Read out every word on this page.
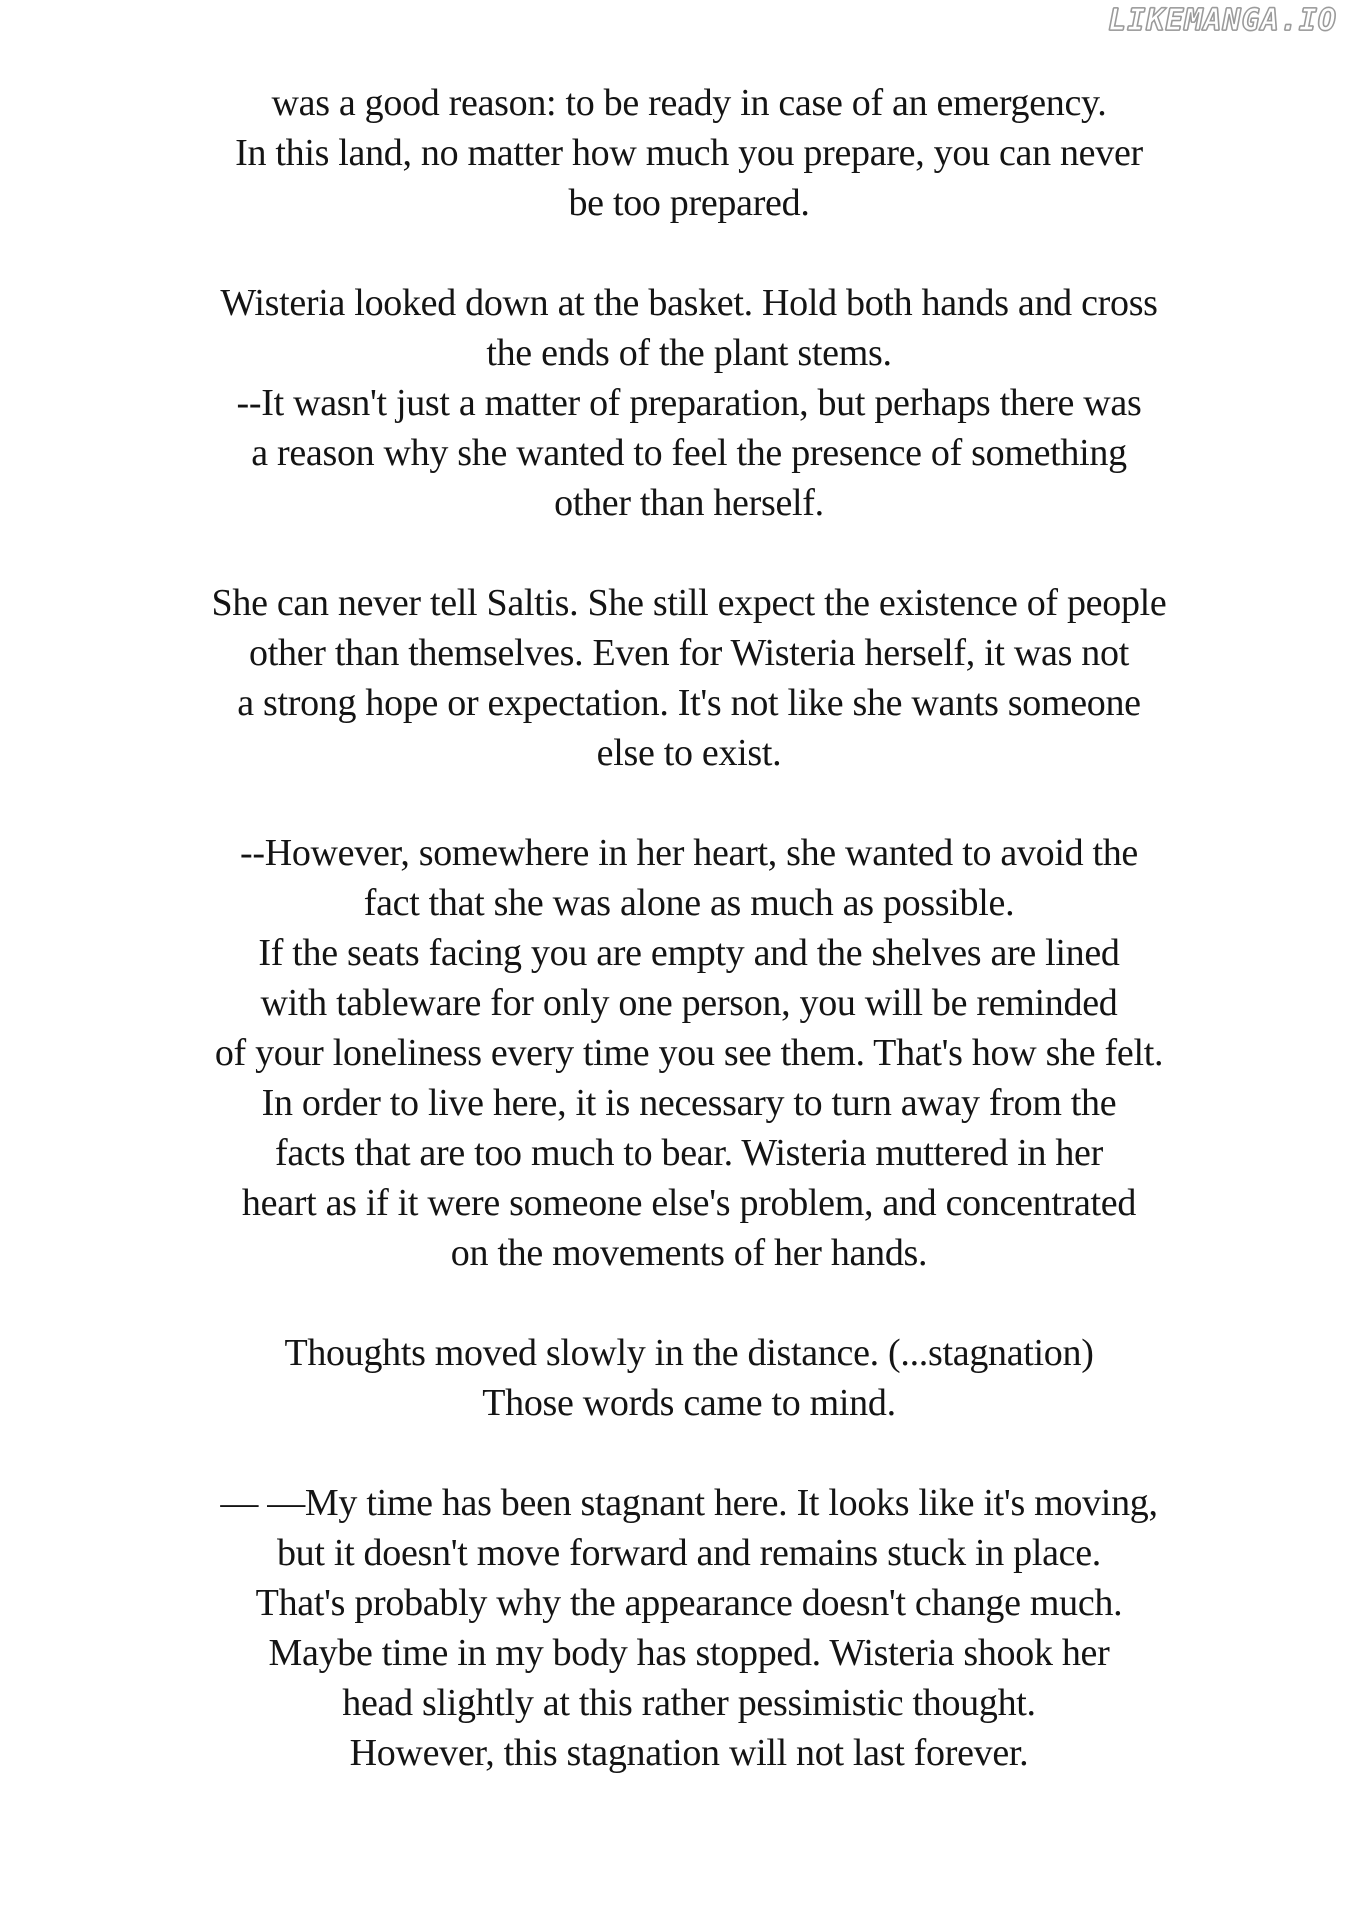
LIKEMANGA.IO
was a good reason: to be ready in case of an emergency.
In this land, no matter how much you prepare, you can never
be too prepared.
Wisteria looked down at the basket. Hold both hands and cross
the ends of the plant stems.
--It wasn't just a matter of preparation, but perhaps there was
a reason why she wanted to feel the presence of something
other than herself.
She can never tell Saltis. She still expect the existence of people
other than themselves. Even for Wisteria herself, it was not
a strong hope or expectation. It's not like she wants someone
else to exist.
--However, somewhere in her heart, she wanted to avoid the
fact that she was alone as much as possible.
If the seats facing you are empty and the shelves are lined
with tableware for only one person, you will be reminded
of your loneliness every time you see them. That's how she felt.
In order to live here, it is necessary to turn away from the
facts that are too much to bear. Wisteria muttered in her
heart as if it were someone else's problem, and concentrated
on the movements of her hands.
Thoughts moved slowly in the distance. (...stagnation)
Those words came to mind.
— —My time has been stagnant here. It looks like it's moving,
but it doesn't move forward and remains stuck in place.
That's probably why the appearance doesn't change much.
Maybe time in my body has stopped. Wisteria shook her
head slightly at this rather pessimistic thought.
However, this stagnation will not last forever.
